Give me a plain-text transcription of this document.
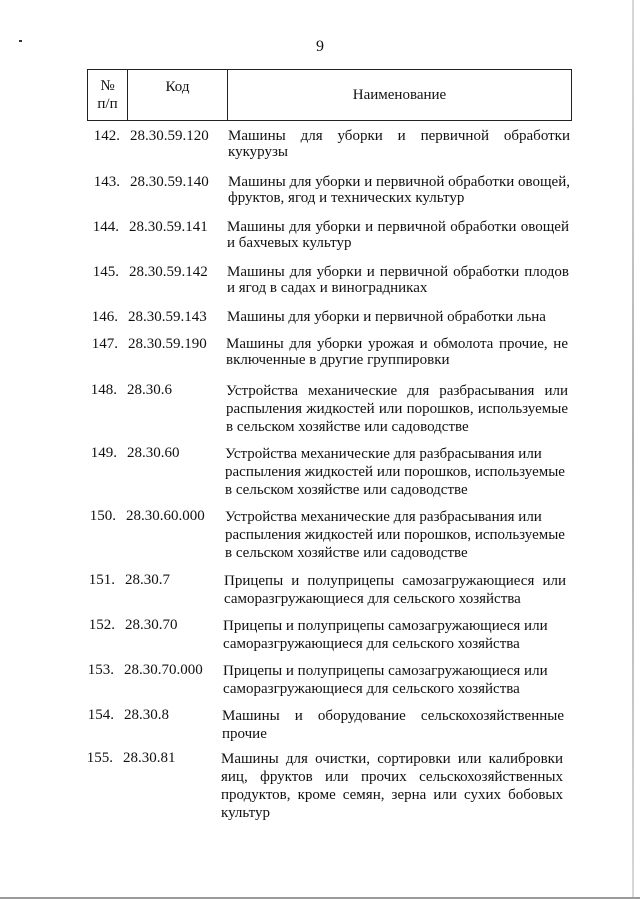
9
№
п/п
Код	Наименование
142. 28.30.59.120 Машины для уборки и первичной обработки кукурузы
143. 28.30.59.140 Машины для уборки и первичной обработки овощей, фруктов, ягод и технических культур
144. 28.30.59.141 Машины для уборки и первичной обработки овощей и бахчевых культур
145. 28.30.59.142 Машины для уборки и первичной обработки плодов и ягод в садах и виноградниках
146. 28.30.59.143 Машины для уборки и первичной обработки льна
147. 28.30.59.190 Машины для уборки урожая и обмолота прочие, не включенные в другие группировки
148. 28.30.6	Устройства механические для разбрасывания или распыления жидкостей или порошков, используемые в сельском хозяйстве или садоводстве
149. 28.30.60	Устройства механические для разбрасывания или распыления жидкостей или порошков, используемые в сельском хозяйстве или садоводстве
150. 28.30.60.000 Устройства механические для разбрасывания или распыления жидкостей или порошков, используемые в сельском хозяйстве или садоводстве
151. 28.30.7	Прицепы и полуприцепы самозагружающиеся или саморазгружающиеся для сельского хозяйства
152. 28.30.70	Прицепы и полуприцепы самозагружающиеся или саморазгружающиеся для сельского хозяйства
153. 28.30.70.000 Прицепы и полуприцепы самозагружающиеся или саморазгружающиеся для сельского хозяйства
154. 28.30.8	Машины и оборудование сельскохозяйственные прочие
155. 28.30.81	Машины для очистки, сортировки или калибровки яиц, фруктов или прочих сельскохозяйственных продуктов, кроме семян, зерна или сухих бобовых культур
